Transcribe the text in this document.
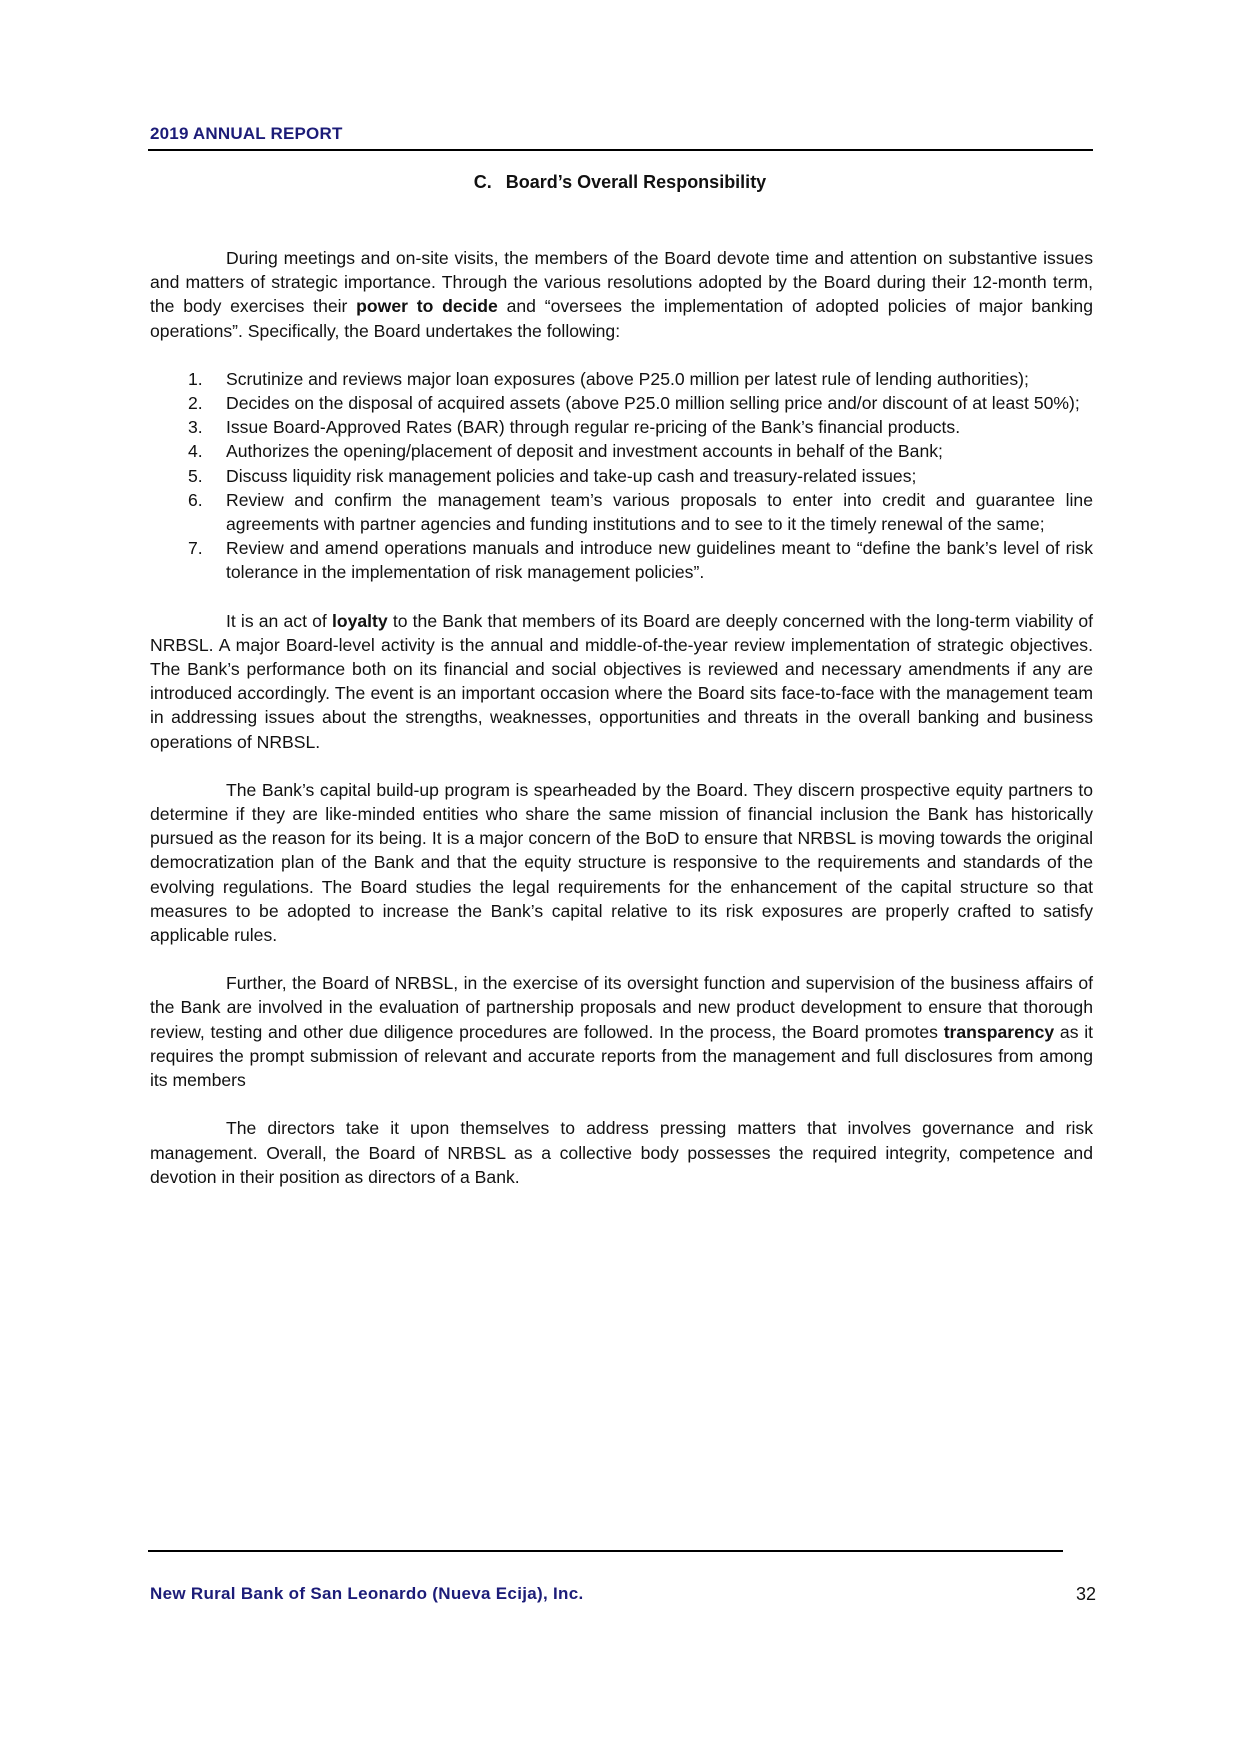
2019 ANNUAL REPORT
C. Board’s Overall Responsibility

During meetings and on-site visits, the members of the Board devote time and attention on substantive issues and matters of strategic importance. Through the various resolutions adopted by the Board during their 12-month term, the body exercises their power to decide and “oversees the implementation of adopted policies of major banking operations”. Specifically, the Board undertakes the following:

1. Scrutinize and reviews major loan exposures (above P25.0 million per latest rule of lending authorities);
2. Decides on the disposal of acquired assets (above P25.0 million selling price and/or discount of at least 50%);
3. Issue Board-Approved Rates (BAR) through regular re-pricing of the Bank’s financial products.
4. Authorizes the opening/placement of deposit and investment accounts in behalf of the Bank;
5. Discuss liquidity risk management policies and take-up cash and treasury-related issues;
6. Review and confirm the management team’s various proposals to enter into credit and guarantee line agreements with partner agencies and funding institutions and to see to it the timely renewal of the same;
7. Review and amend operations manuals and introduce new guidelines meant to “define the bank’s level of risk tolerance in the implementation of risk management policies”.

It is an act of loyalty to the Bank that members of its Board are deeply concerned with the long-term viability of NRBSL. A major Board-level activity is the annual and middle-of-the-year review implementation of strategic objectives. The Bank’s performance both on its financial and social objectives is reviewed and necessary amendments if any are introduced accordingly. The event is an important occasion where the Board sits face-to-face with the management team in addressing issues about the strengths, weaknesses, opportunities and threats in the overall banking and business operations of NRBSL.

The Bank’s capital build-up program is spearheaded by the Board. They discern prospective equity partners to determine if they are like-minded entities who share the same mission of financial inclusion the Bank has historically pursued as the reason for its being. It is a major concern of the BoD to ensure that NRBSL is moving towards the original democratization plan of the Bank and that the equity structure is responsive to the requirements and standards of the evolving regulations. The Board studies the legal requirements for the enhancement of the capital structure so that measures to be adopted to increase the Bank’s capital relative to its risk exposures are properly crafted to satisfy applicable rules.

Further, the Board of NRBSL, in the exercise of its oversight function and supervision of the business affairs of the Bank are involved in the evaluation of partnership proposals and new product development to ensure that thorough review, testing and other due diligence procedures are followed. In the process, the Board promotes transparency as it requires the prompt submission of relevant and accurate reports from the management and full disclosures from among its members

The directors take it upon themselves to address pressing matters that involves governance and risk management. Overall, the Board of NRBSL as a collective body possesses the required integrity, competence and devotion in their position as directors of a Bank.

New Rural Bank of San Leonardo (Nueva Ecija), Inc.	32
